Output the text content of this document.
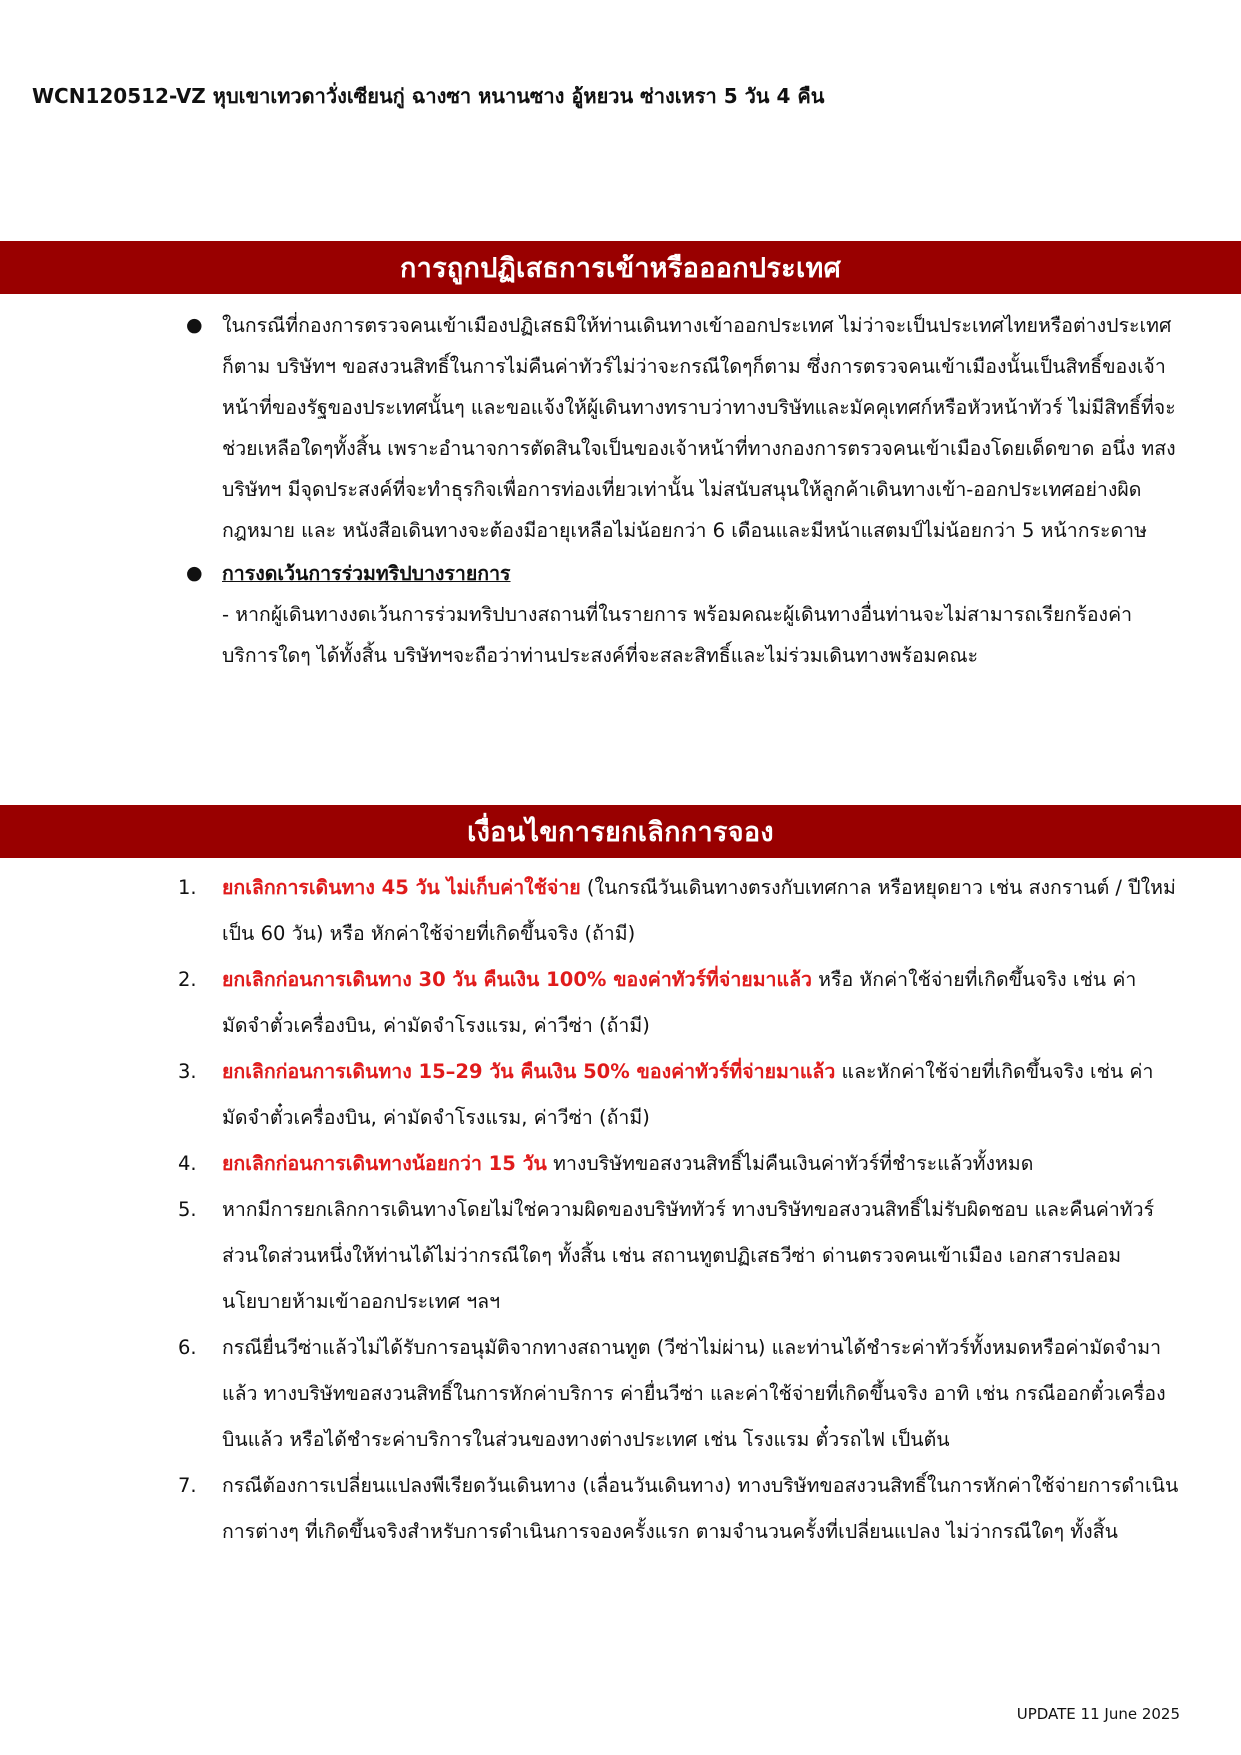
WCN120512-VZ หุบเขาเทวดาวั่งเซียนกู่ ฉางซา หนานซาง อู้หยวน ซ่างเหรา 5 วัน 4 คืน
การถูกปฏิเสธการเข้าหรือออกประเทศ
● ในกรณีที่กองการตรวจคนเข้าเมืองปฏิเสธมิให้ท่านเดินทางเข้าออกประเทศ ไม่ว่าจะเป็นประเทศไทยหรือต่างประเทศก็ตาม บริษัทฯ ขอสงวนสิทธิ์ในการไม่คืนค่าทัวร์ไม่ว่าจะกรณีใดๆก็ตาม ซึ่งการตรวจคนเข้าเมืองนั้นเป็นสิทธิ์ของเจ้าหน้าที่ของรัฐของประเทศนั้นๆ และขอแจ้งให้ผู้เดินทางทราบว่าทางบริษัทและมัคคุเทศก์หรือหัวหน้าทัวร์ ไม่มีสิทธิ์ที่จะช่วยเหลือใดๆทั้งสิ้น เพราะอำนาจการตัดสินใจเป็นของเจ้าหน้าที่ทางกองการตรวจคนเข้าเมืองโดยเด็ดขาด อนึ่ง ทสงบริษัทฯ มีจุดประสงค์ที่จะทำธุรกิจเพื่อการท่องเที่ยวเท่านั้น ไม่สนับสนุนให้ลูกค้าเดินทางเข้า-ออกประเทศอย่างผิดกฎหมาย และ หนังสือเดินทางจะต้องมีอายุเหลือไม่น้อยกว่า 6 เดือนและมีหน้าแสตมป์ไม่น้อยกว่า 5 หน้ากระดาษ
● การงดเว้นการร่วมทริปบางรายการ
- หากผู้เดินทางงดเว้นการร่วมทริปบางสถานที่ในรายการ พร้อมคณะผู้เดินทางอื่นท่านจะไม่สามารถเรียกร้องค่าบริการใดๆ ได้ทั้งสิ้น บริษัทฯจะถือว่าท่านประสงค์ที่จะสละสิทธิ์และไม่ร่วมเดินทางพร้อมคณะ
เงื่อนไขการยกเลิกการจอง
1. ยกเลิกการเดินทาง 45 วัน ไม่เก็บค่าใช้จ่าย (ในกรณีวันเดินทางตรงกับเทศกาล หรือหยุดยาว เช่น สงกรานต์ / ปีใหม่ เป็น 60 วัน) หรือ หักค่าใช้จ่ายที่เกิดขึ้นจริง (ถ้ามี)
2. ยกเลิกก่อนการเดินทาง 30 วัน คืนเงิน 100% ของค่าทัวร์ที่จ่ายมาแล้ว หรือ หักค่าใช้จ่ายที่เกิดขึ้นจริง เช่น ค่ามัดจำตั๋วเครื่องบิน, ค่ามัดจำโรงแรม, ค่าวีซ่า (ถ้ามี)
3. ยกเลิกก่อนการเดินทาง 15–29 วัน คืนเงิน 50% ของค่าทัวร์ที่จ่ายมาแล้ว และหักค่าใช้จ่ายที่เกิดขึ้นจริง เช่น ค่ามัดจำตั๋วเครื่องบิน, ค่ามัดจำโรงแรม, ค่าวีซ่า (ถ้ามี)
4. ยกเลิกก่อนการเดินทางน้อยกว่า 15 วัน ทางบริษัทขอสงวนสิทธิ์ไม่คืนเงินค่าทัวร์ที่ชำระแล้วทั้งหมด
5. หากมีการยกเลิกการเดินทางโดยไม่ใช่ความผิดของบริษัททัวร์ ทางบริษัทขอสงวนสิทธิ์ไม่รับผิดชอบ และคืนค่าทัวร์ส่วนใดส่วนหนึ่งให้ท่านได้ไม่ว่ากรณีใดๆ ทั้งสิ้น เช่น สถานทูตปฏิเสธวีซ่า ด่านตรวจคนเข้าเมือง เอกสารปลอม นโยบายห้ามเข้าออกประเทศ ฯลฯ
6. กรณียื่นวีซ่าแล้วไม่ได้รับการอนุมัติจากทางสถานทูต (วีซ่าไม่ผ่าน) และท่านได้ชำระค่าทัวร์ทั้งหมดหรือค่ามัดจำมาแล้ว ทางบริษัทขอสงวนสิทธิ์ในการหักค่าบริการ ค่ายื่นวีซ่า และค่าใช้จ่ายที่เกิดขึ้นจริง อาทิ เช่น กรณีออกตั๋วเครื่องบินแล้ว หรือได้ชำระค่าบริการในส่วนของทางต่างประเทศ เช่น โรงแรม ตั๋วรถไฟ เป็นต้น
7. กรณีต้องการเปลี่ยนแปลงพีเรียดวันเดินทาง (เลื่อนวันเดินทาง) ทางบริษัทขอสงวนสิทธิ์ในการหักค่าใช้จ่ายการดำเนินการต่างๆ ที่เกิดขึ้นจริงสำหรับการดำเนินการจองครั้งแรก ตามจำนวนครั้งที่เปลี่ยนแปลง ไม่ว่ากรณีใดๆ ทั้งสิ้น
UPDATE 11 June 2025
